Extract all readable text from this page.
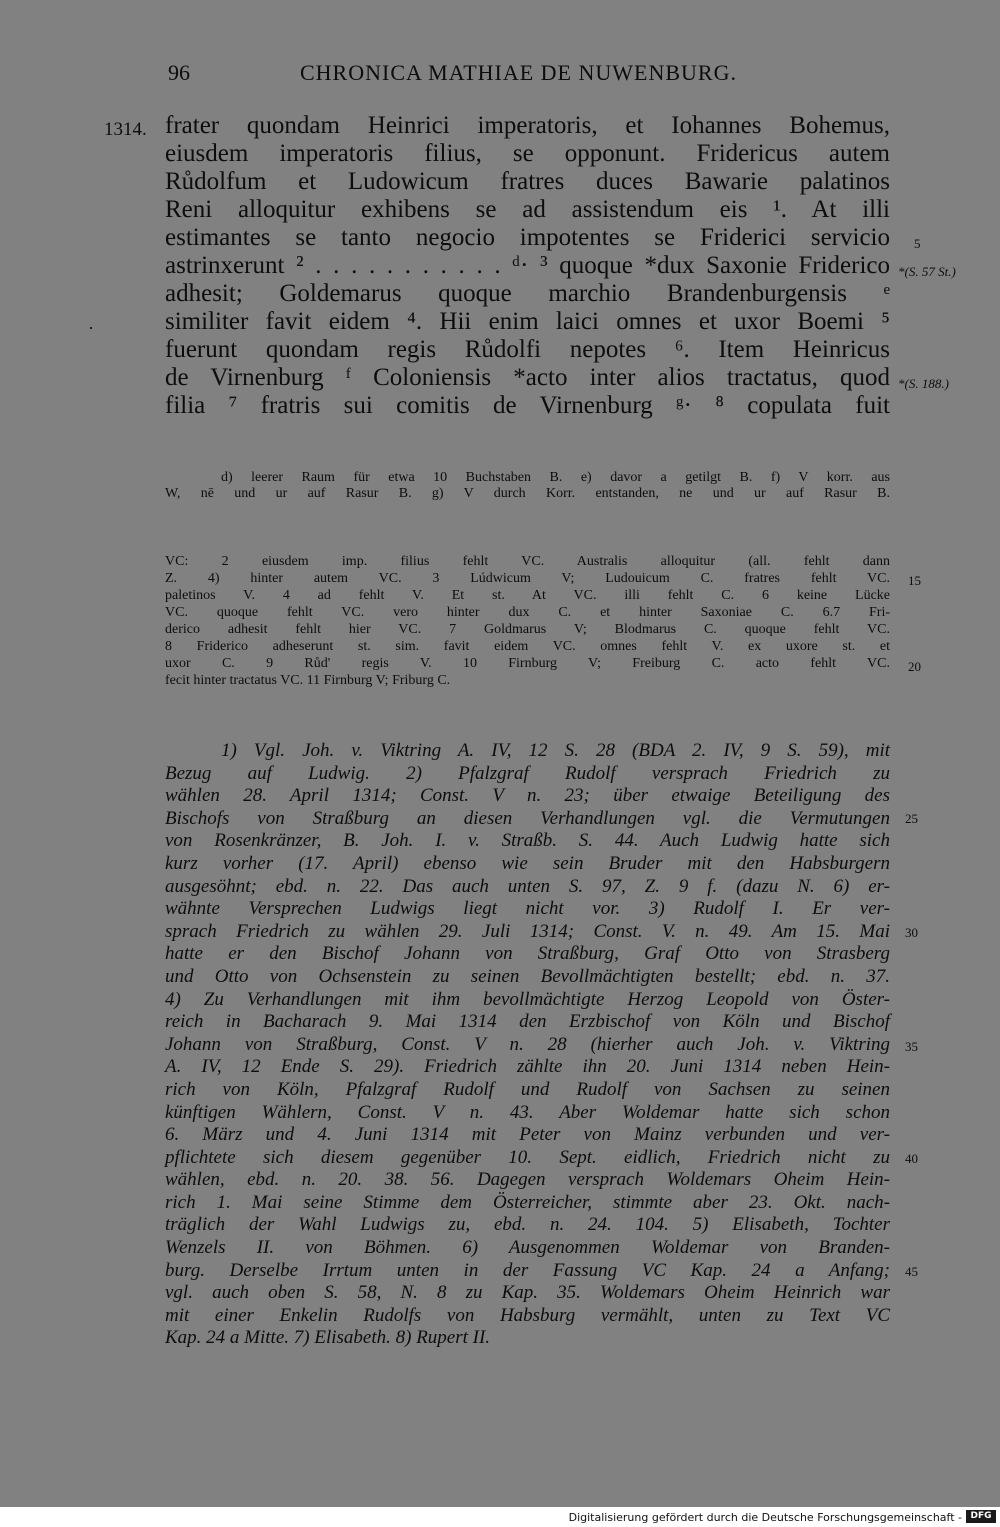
96	CHRONICA MATHIAE DE NUWENBURG.
1314. frater quondam Heinrici imperatoris, et Iohannes Bohemus,
eiusdem imperatoris filius, se opponunt. Fridericus autem
Růdolfum et Ludowicum fratres duces Bawarie palatinos
Reni alloquitur exhibens se ad assistendum eis ¹. At illi
estimantes se tanto negocio impotentes se Friderici servicio
astrinxerunt ² . . . . . . . . . . . ᵈ· ³ quoque *dux Saxonie Friderico
adhesit; Goldemarus quoque marchio Brandenburgensis ᵉ
similiter favit eidem ⁴. Hii enim laici omnes et uxor Boemi ⁵
fuerunt quondam regis Růdolfi nepotes ⁶. Item Heinricus
de Virnenburg ᶠ Coloniensis *acto inter alios tractatus, quod
filia ⁷ fratris sui comitis de Virnenburg ᵍ· ⁸ copulata fuit
5
*(S. 57 St.)
*(S. 188.)
d) leerer Raum für etwa 10 Buchstaben B. e) davor a getilgt B. f) V korr. aus
W, nē und ur auf Rasur B. g) V durch Korr. entstanden, ne und ur auf Rasur B.
VC: 2 eiusdem imp. filius fehlt VC. Australis alloquitur (all. fehlt dann
Z. 4) hinter autem VC. 3 Lúdwicum V; Ludouicum C. fratres fehlt VC.
paletinos V. 4 ad fehlt V. Et st. At VC. illi fehlt C. 6 keine Lücke
VC. quoque fehlt VC. vero hinter dux C. et hinter Saxoniae C. 6.7 Fri-
derico adhesit fehlt hier VC. 7 Goldmarus V; Blodmarus C. quoque fehlt VC.
8 Friderico adheserunt st. sim. favit eidem VC. omnes fehlt V. ex uxore st. et
uxor C. 9 Růd' regis V. 10 Firnburg V; Freiburg C. acto fehlt VC.
fecit hinter tractatus VC. 11 Firnburg V; Friburg C.
15
20
1) Vgl. Joh. v. Viktring A. IV, 12 S. 28 (BDA 2. IV, 9 S. 59), mit
Bezug auf Ludwig. 2) Pfalzgraf Rudolf versprach Friedrich zu
wählen 28. April 1314; Const. V n. 23; über etwaige Beteiligung des
Bischofs von Straßburg an diesen Verhandlungen vgl. die Vermutungen
von Rosenkränzer, B. Joh. I. v. Straßb. S. 44. Auch Ludwig hatte sich
kurz vorher (17. April) ebenso wie sein Bruder mit den Habsburgern
ausgesöhnt; ebd. n. 22. Das auch unten S. 97, Z. 9 f. (dazu N. 6) er-
wähnte Versprechen Ludwigs liegt nicht vor. 3) Rudolf I. Er ver-
sprach Friedrich zu wählen 29. Juli 1314; Const. V. n. 49. Am 15. Mai
hatte er den Bischof Johann von Straßburg, Graf Otto von Strasberg
und Otto von Ochsenstein zu seinen Bevollmächtigten bestellt; ebd. n. 37.
4) Zu Verhandlungen mit ihm bevollmächtigte Herzog Leopold von Öster-
reich in Bacharach 9. Mai 1314 den Erzbischof von Köln und Bischof
Johann von Straßburg, Const. V n. 28 (hierher auch Joh. v. Viktring
A. IV, 12 Ende S. 29). Friedrich zählte ihn 20. Juni 1314 neben Hein-
rich von Köln, Pfalzgraf Rudolf und Rudolf von Sachsen zu seinen
künftigen Wählern, Const. V n. 43. Aber Woldemar hatte sich schon
6. März und 4. Juni 1314 mit Peter von Mainz verbunden und ver-
pflichtete sich diesem gegenüber 10. Sept. eidlich, Friedrich nicht zu
wählen, ebd. n. 20. 38. 56. Dagegen versprach Woldemars Oheim Hein-
rich 1. Mai seine Stimme dem Österreicher, stimmte aber 23. Okt. nach-
träglich der Wahl Ludwigs zu, ebd. n. 24. 104. 5) Elisabeth, Tochter
Wenzels II. von Böhmen. 6) Ausgenommen Woldemar von Branden-
burg. Derselbe Irrtum unten in der Fassung VC Kap. 24 a Anfang;
vgl. auch oben S. 58, N. 8 zu Kap. 35. Woldemars Oheim Heinrich war
mit einer Enkelin Rudolfs von Habsburg vermählt, unten zu Text VC
Kap. 24 a Mitte. 7) Elisabeth. 8) Rupert II.
25
30
35
40
45
Digitalisierung gefördert durch die Deutsche Forschungsgemeinschaft - DFG
